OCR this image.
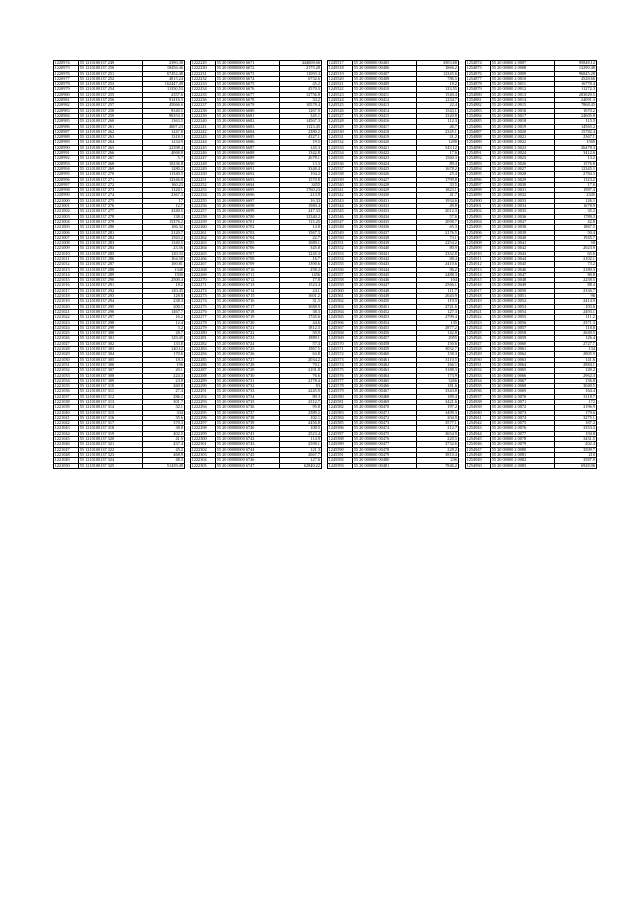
1220974	55 1210100137 249	2390.38
1220975	55 1210100137 250	18456.46
1220976	55 1210100137 251	67452.48
1220977	55 1210100137 252	4815.24
1220978	55 1210100137 253	162447.49
1220979	55 1210100137 254	11350.53
1220980	55 1210100137 255	2357.6
1220981	55 1210100137 256	91416.5
1220982	55 1210100137 257	45066.6
1220983	55 1210100137 258	8340.5
1220984	55 1210100137 259	96353.3
1220985	55 1210100137 260	1363.5
1220986	55 1210100137 261	4607.23
1220987	55 1210100137 262	1247.8
1220988	55 1210100137 263	1318.3
1220989	55 1210100137 264	1234.9
1220990	55 1210100137 265	22398.4
1220991	55 1210100137 266	4068.8
1220992	55 1210100137 267	5.7
1220993	55 1210100137 268	10236.8
1220994	55 1210100137 269	1280.2
1220995	55 1210100137 270	11340.5
1220996	55 1210100137 271	12346.8
1220997	55 1210100137 272	160.23
1220998	55 1210100137 273	1320.1
1220999	55 1210100137 274	2367.3
1221000	55 1210100137 275	17
1221001	55 1210100137 276	12.7
1221002	55 1210100137 277	4340.5
1221003	55 1210100137 278	138.4
1221004	55 1210100137 279	15376.2
1221005	55 1210100137 280	106.32
1221006	55 1210100137 281	2120.7
1221007	55 1210100137 282	1563.2
1221008	55 1210100137 283	1340.5
1221009	55 1210100137 284	23.56
1221010	55 1210100137 285	120.33
1221011	55 1210100137 286	104.58
1221012	55 1210100137 287	100.81
1221013	55 1210100137 288	1340
1221014	55 1210100137 289	1500
1221015	55 1210100137 290	2500.4
1221016	55 1210100137 291	18.2
1221017	55 1210100137 292	120.45
1221018	55 1210100137 293	128.8
1221019	55 1210100137 294	238.3
1221020	55 1210100137 295	200.1
1221021	55 1210100137 296	1467.7
1221022	55 1210100137 297	16.2
1221023	55 1210100137 298	12.4
1221024	55 1210100137 299	3.2
1221025	55 1210100137 300	28.7
1221026	55 1210100137 301	129.45
1221027	55 1210100137 302	133.8
1221028	55 1210100137 303	140.12
1221029	55 1210100137 304	170.6
1221030	55 1210100137 305	18.3
1221031	55 1210100137 306	196
1221032	55 1210100137 307	20.1
1221033	55 1210100137 308	224.3
1221034	55 1210100137 309	23.9
1221035	55 1210100137 310	260.8
1221036	55 1210100137 311	27.4
1221037	55 1210100137 312	286.2
1221038	55 1210100137 313	301.7
1221039	55 1210100137 314	32.1
1221040	55 1210100137 315	334
1221041	55 1210100137 316	35.6
1221042	55 1210100137 317	370.3
1221043	55 1210100137 318	38.8
1221044	55 1210100137 319	402.5
1221045	55 1210100137 320	41.9
1221046	55 1210100137 321	437.4
1221047	55 1210100137 322	45.2
1221048	55 1210100137 323	468.9
1221049	55 1210100137 324	48.3
1221050	55 1210100137 325	51439.49
1222229	55 20 00000000 6671	444608.66
1222230	55 20 00000000 6672	2175.28
1222231	55 20 00000000 6673	11093.3
1222232	55 20 00000000 6674	6732.6
1222233	55 20 00000000 6675	45.2
1222234	55 20 00000000 6676	4570.3
1222235	55 20 00000000 6677	12756.8
1222236	55 20 00000000 6678	33.2
1222237	55 20 00000000 6679	10578.4
1222238	55 20 00000000 6680	1267.9
1222239	55 20 00000000 6681	345.1
1222240	55 20 00000000 6682	14567.3
1222241	55 20 00000000 6683	1123.45
1222242	55 20 00000000 6684	2380.2
1222243	55 20 00000000 6685	4327.1
1222244	55 20 00000000 6686	19.5
1222245	55 20 00000000 6687	145.3
1222246	55 20 00000000 6688	1342.8
1222247	55 20 00000000 6689	2678.1
1222248	55 20 00000000 6690	13.3
1222249	55 20 00000000 6691	3348.4
1222250	55 20 00000000 6692	104.2
1222251	55 20 00000000 6693	1570.8
1222252	55 20 00000000 6694	3455
1222253	55 20 00000000 6695	1760.23
1222254	55 20 00000000 6696	213.9
1222255	55 20 00000000 6697	16.33
1222256	55 20 00000000 6698	1980.4
1222257	55 20 00000000 6699	247.33
1222258	55 20 00000000 6700	12340.2
1222259	55 20 00000000 6701	113.25
1222260	55 20 00000000 6702	14.8
1222261	55 20 00000000 6703	1567.3
1222262	55 20 00000000 6704	22.7
1222263	55 20 00000000 6705	1680.1
1222264	55 20 00000000 6706	345.8
1222265	55 20 00000000 6707	1245.3
1222266	55 20 00000000 6708	16.7
1222267	55 20 00000000 6709	1390.6
1222268	55 20 00000000 6710	258.2
1222269	55 20 00000000 6711	1456
1222270	55 20 00000000 6712	17.8
1222271	55 20 00000000 6713	1523.4
1222272	55 20 00000000 6714	24.1
1222273	55 20 00000000 6715	1601.2
1222274	55 20 00000000 6716	31.5
1222275	55 20 00000000 6717	1688.9
1222276	55 20 00000000 6718	38.3
1222277	55 20 00000000 6719	1745.6
1222278	55 20 00000000 6720	44.6
1222279	55 20 00000000 6721	1812.3
1222280	55 20 00000000 6722	50.9
1222281	55 20 00000000 6723	1889.1
1222282	55 20 00000000 6724	57.4
1222283	55 20 00000000 6725	1967.5
1222284	55 20 00000000 6726	63.8
1222285	55 20 00000000 6727	2034.2
1222286	55 20 00000000 6728	70.1
1222287	55 20 00000000 6729	2101.8
1222288	55 20 00000000 6730	76.6
1222289	55 20 00000000 6731	2178.4
1222290	55 20 00000000 6732	83
1222291	55 20 00000000 6733	2245.9
1222292	55 20 00000000 6734	89.3
1222293	55 20 00000000 6735	2312.7
1222294	55 20 00000000 6736	95.8
1222295	55 20 00000000 6737	2389.2
1222296	55 20 00000000 6738	102.1
1222297	55 20 00000000 6739	2456.8
1222298	55 20 00000000 6740	108.5
1222299	55 20 00000000 6741	2523.4
1222300	55 20 00000000 6742	114.9
1222301	55 20 00000000 6743	2598.1
1222302	55 20 00000000 6744	121.3
1222303	55 20 00000000 6745	2667.7
1222304	55 20 00000000 6746	127.6
1222305	55 20 00000000 6747	62840.22
1245517	55 20 000000 00405	3503.68
1245518	55 20 000000 00406	1866.2
1245519	55 20 000000 00407	12345.6
1245520	55 20 000000 00408	786.5
1245521	55 20 000000 00409	18.2
1245522	55 20 000000 00410	123.55
1245523	55 20 000000 00411	1540.4
1245524	55 20 000000 00412	1234.7
1245525	55 20 000000 00413	22.4
1245526	55 20 000000 00414	1543.1
1245527	55 20 000000 00415	3320.8
1245528	55 20 000000 00416	112.3
1245529	55 20 000000 00417	46.7
1245530	55 20 000000 00418	2345.1
1245531	55 20 000000 00419	31.2
1245532	55 20 000000 00420	1200
1245533	55 20 000000 00421	543.12
1245534	55 20 000000 00422	17.6
1245535	55 20 000000 00423	1560.3
1245536	55 20 000000 00424	89.4
1245537	55 20 000000 00425	1678.2
1245538	55 20 000000 00426	25.4
1245539	55 20 000000 00427	1799.8
1245540	55 20 000000 00428	33.5
1245541	55 20 000000 00429	1823.1
1245542	55 20 000000 00430	41.7
1245543	55 20 000000 00431	1934.6
1245544	55 20 000000 00432	49.8
1245545	55 20 000000 00433	2012.3
1245546	55 20 000000 00434	57.6
1245547	55 20 000000 00435	2098.7
1245548	55 20 000000 00436	65.3
1245549	55 20 000000 00437	2176.5
1245550	55 20 000000 00438	73.1
1245551	55 20 000000 00439	2254.2
1245552	55 20 000000 00440	80.9
1245553	55 20 000000 00441	2332.8
1245554	55 20 000000 00442	88.4
1245555	55 20 000000 00443	2410.6
1245556	55 20 000000 00444	96.2
1245557	55 20 000000 00445	2488.3
1245558	55 20 000000 00446	104
1245559	55 20 000000 00447	2566.1
1245560	55 20 000000 00448	111.7
1245561	55 20 000000 00449	2643.9
1245562	55 20 000000 00450	119.5
1245563	55 20 000000 00451	2721.6
1245564	55 20 000000 00452	127.3
1245565	55 20 000000 00453	2799.4
1245566	55 20 000000 00454	135
1245567	55 20 000000 00455	2877.2
1245568	55 20 000000 00456	142.8
1245569	55 20 000000 00457	2955
1245570	55 20 000000 00458	150.6
1245571	55 20 000000 00459	3032.7
1245572	55 20 000000 00460	158.3
1245573	55 20 000000 00461	3110.5
1245574	55 20 000000 00462	166.1
1245575	55 20 000000 00463	3188.3
1245576	55 20 000000 00464	173.9
1245577	55 20 000000 00465	3266
1245578	55 20 000000 00466	181.6
1245579	55 20 000000 00467	3343.8
1245580	55 20 000000 00468	189.4
1245581	55 20 000000 00469	3421.6
1245582	55 20 000000 00470	197.2
1245583	55 20 000000 00471	3499.3
1245584	55 20 000000 00472	204.9
1245585	55 20 000000 00473	3577.1
1245586	55 20 000000 00474	212.7
1245587	55 20 000000 00475	3654.9
1245588	55 20 000000 00476	220.5
1245589	55 20 000000 00477	3732.6
1245590	55 20 000000 00478	228.2
1245591	55 20 000000 00479	3810.4
1245592	55 20 000000 00480	236
1245593	55 20 000000 00481	7846.2
1254874	55 20 00000 2 0007	95848.12
1254875	55 20 00000 2 0008	13290.48
1254876	55 20 00000 2 0009	96845.28
1254877	55 20 00000 2 0010	4528.66
1254878	55 20 00000 2 0011	16778.4
1254879	55 20 00000 2 0012	11272.3
1254880	55 20 00000 2 0013	203029.5
1254881	55 20 00000 2 0014	24091.3
1254882	55 20 00000 2 0015	7868.45
1254883	55 20 00000 2 0016	1670.2
1254884	55 20 00000 2 0017	24605.8
1254885	55 20 00000 2 0018	115.3
1254886	55 20 00000 2 0019	14565.2
1254887	55 20 00000 2 0020	15782.4
1254888	55 20 00000 2 0021	2367.1
1254889	55 20 00000 2 0022	1560
1254890	55 20 00000 2 0023	26478.3
1254891	55 20 00000 2 0024	3412.6
1254892	55 20 00000 2 0025	13.2
1254893	55 20 00000 2 0026	1576.8
1254894	55 20 00000 2 0027	12345.1
1254895	55 20 00000 2 0028	2784.3
1254896	55 20 00000 2 0029	1123.2
1254897	55 20 00000 2 0030	17.6
1254898	55 20 00000 2 0031	1987.4
1254899	55 20 00000 2 0032	2345
1254900	55 20 00000 2 0033	126.1
1254901	55 20 00000 2 0034	1678.9
1254902	55 20 00000 2 0035	35.2
1254903	55 20 00000 2 0036	1789.3
1254904	55 20 00000 2 0037	42.8
1254905	55 20 00000 2 0038	1867.5
1254906	55 20 00000 2 0039	50.4
1254907	55 20 00000 2 0040	1945.7
1254908	55 20 00000 2 0041	58
1254909	55 20 00000 2 0042	2023.9
1254910	55 20 00000 2 0043	65.6
1254911	55 20 00000 2 0044	2102.1
1254912	55 20 00000 2 0045	73.2
1254913	55 20 00000 2 0046	2180.3
1254914	55 20 00000 2 0047	80.8
1254915	55 20 00000 2 0048	2258.5
1254916	55 20 00000 2 0049	88.4
1254917	55 20 00000 2 0050	2336.7
1254918	55 20 00000 2 0051	96
1254919	55 20 00000 2 0052	2414.9
1254920	55 20 00000 2 0053	103.6
1254921	55 20 00000 2 0054	2493.1
1254922	55 20 00000 2 0055	111.2
1254923	55 20 00000 2 0056	2571.3
1254924	55 20 00000 2 0057	118.8
1254925	55 20 00000 2 0058	2649.5
1254926	55 20 00000 2 0059	126.4
1254927	55 20 00000 2 0060	2727.7
1254928	55 20 00000 2 0061	134
1254929	55 20 00000 2 0062	2805.9
1254930	55 20 00000 2 0063	141.6
1254931	55 20 00000 2 0064	2884.1
1254932	55 20 00000 2 0065	149.2
1254933	55 20 00000 2 0066	2962.3
1254934	55 20 00000 2 0067	156.8
1254935	55 20 00000 2 0068	3040.5
1254936	55 20 00000 2 0069	164.4
1254937	55 20 00000 2 0070	3118.7
1254938	55 20 00000 2 0071	172
1254939	55 20 00000 2 0072	3196.9
1254940	55 20 00000 2 0073	179.6
1254941	55 20 00000 2 0074	3275.1
1254942	55 20 00000 2 0075	187.2
1254943	55 20 00000 2 0076	3353.3
1254944	55 20 00000 2 0077	194.8
1254945	55 20 00000 2 0078	3431.5
1254946	55 20 00000 2 0079	202.4
1254947	55 20 00000 2 0080	3509.7
1254948	55 20 00000 2 0081	210
1254949	55 20 00000 2 0082	3587.9
1254950	55 20 00000 2 0083	6928.06
